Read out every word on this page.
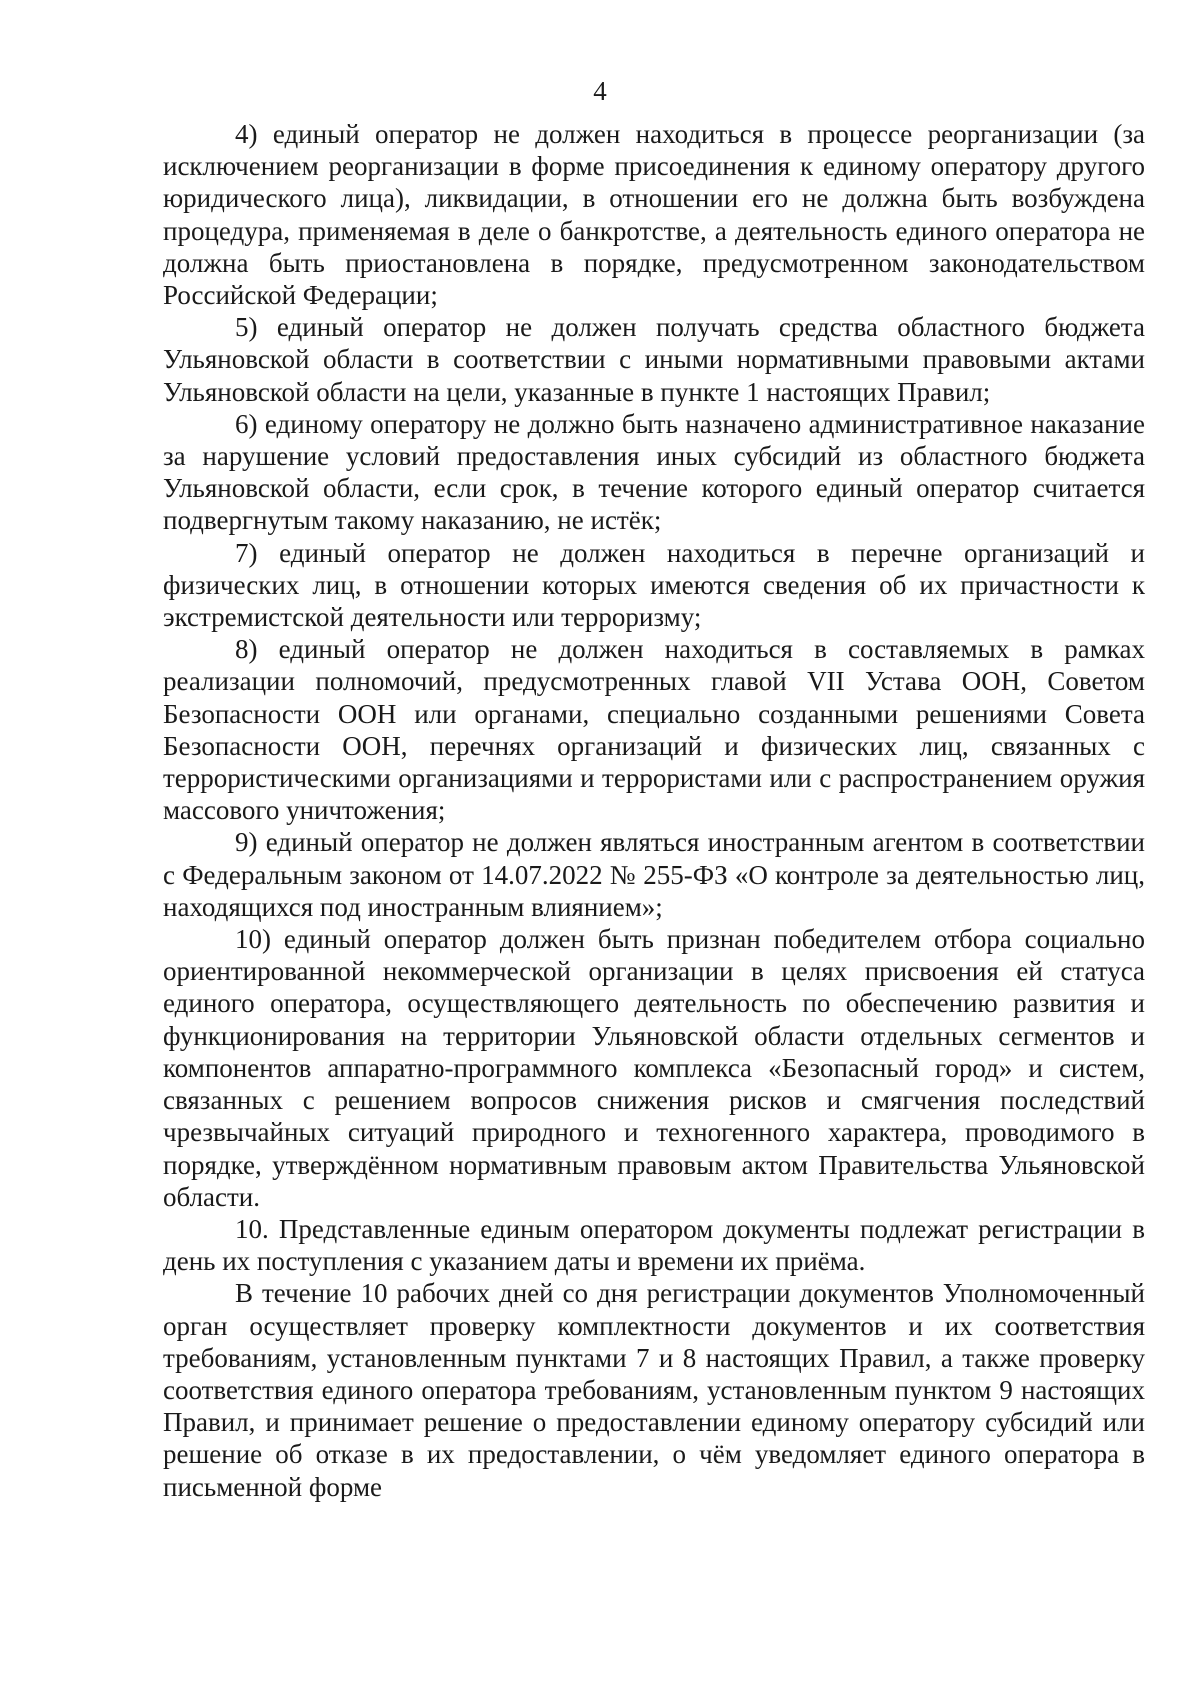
4

4) единый оператор не должен находиться в процессе реорганизации (за исключением реорганизации в форме присоединения к единому оператору другого юридического лица), ликвидации, в отношении его не должна быть возбуждена процедура, применяемая в деле о банкротстве, а деятельность единого оператора не должна быть приостановлена в порядке, предусмотренном законодательством Российской Федерации;

5) единый оператор не должен получать средства областного бюджета Ульяновской области в соответствии с иными нормативными правовыми актами Ульяновской области на цели, указанные в пункте 1 настоящих Правил;

6) единому оператору не должно быть назначено административное наказание за нарушение условий предоставления иных субсидий из областного бюджета Ульяновской области, если срок, в течение которого единый оператор считается подвергнутым такому наказанию, не истёк;

7) единый оператор не должен находиться в перечне организаций и физических лиц, в отношении которых имеются сведения об их причастности к экстремистской деятельности или терроризму;

8) единый оператор не должен находиться в составляемых в рамках реализации полномочий, предусмотренных главой VII Устава ООН, Советом Безопасности ООН или органами, специально созданными решениями Совета Безопасности ООН, перечнях организаций и физических лиц, связанных с террористическими организациями и террористами или с распространением оружия массового уничтожения;

9) единый оператор не должен являться иностранным агентом в соответствии с Федеральным законом от 14.07.2022 № 255-ФЗ «О контроле за деятельностью лиц, находящихся под иностранным влиянием»;

10) единый оператор должен быть признан победителем отбора социально ориентированной некоммерческой организации в целях присвоения ей статуса единого оператора, осуществляющего деятельность по обеспечению развития и функционирования на территории Ульяновской области отдельных сегментов и компонентов аппаратно-программного комплекса «Безопасный город» и систем, связанных с решением вопросов снижения рисков и смягчения последствий чрезвычайных ситуаций природного и техногенного характера, проводимого в порядке, утверждённом нормативным правовым актом Правительства Ульяновской области.

10. Представленные единым оператором документы подлежат регистрации в день их поступления с указанием даты и времени их приёма.

В течение 10 рабочих дней со дня регистрации документов Уполномоченный орган осуществляет проверку комплектности документов и их соответствия требованиям, установленным пунктами 7 и 8 настоящих Правил, а также проверку соответствия единого оператора требованиям, установленным пунктом 9 настоящих Правил, и принимает решение о предоставлении единому оператору субсидий или решение об отказе в их предоставлении, о чём уведомляет единого оператора в письменной форме
